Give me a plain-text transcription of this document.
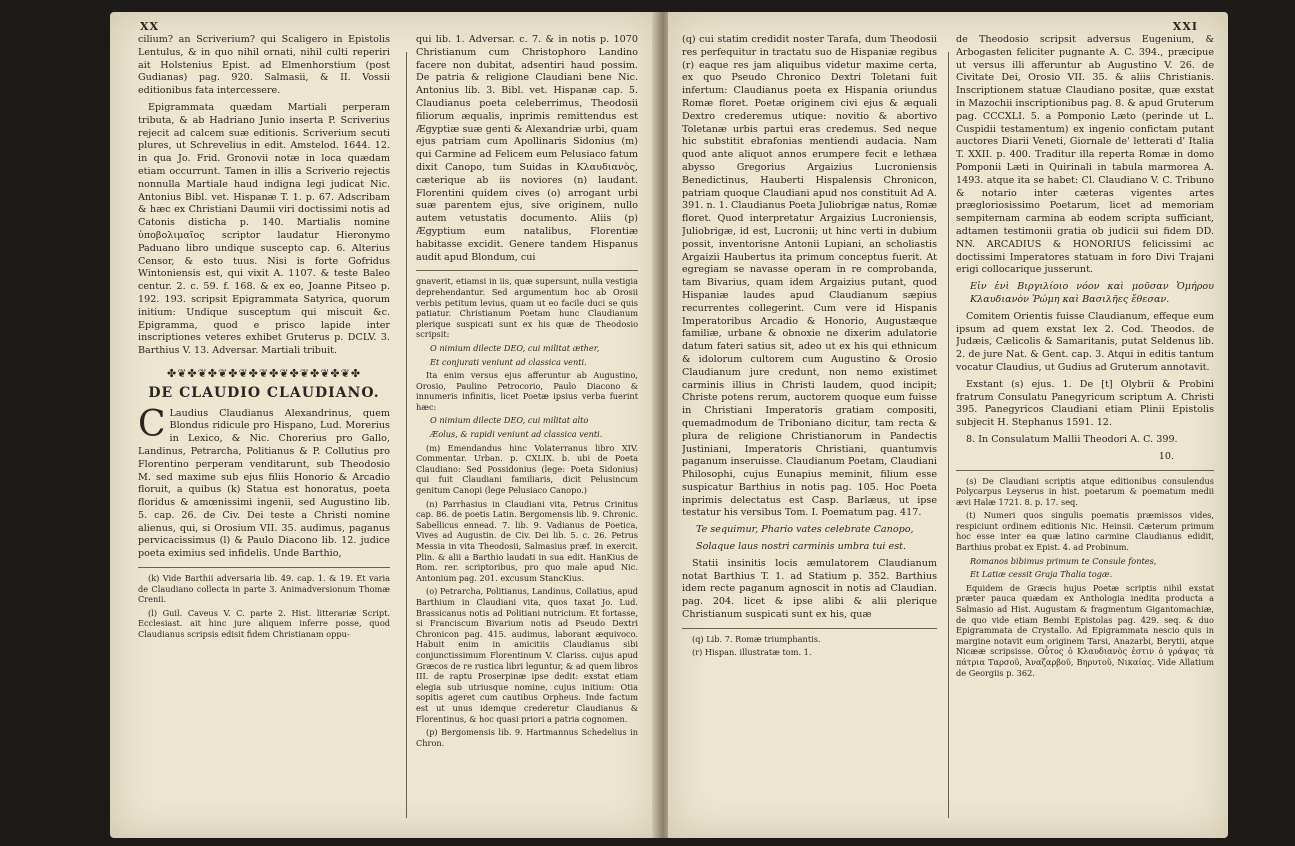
XX

cilium? an Scriverium? qui Scaligero in Epistolis Lentulus, & in quo nihil ornati, nihil culti reperiri ait Holstenius Epist. ad Elmenhorstium (post Gudianas) pag. 920. Salmasii, & II. Vossii editionibus fata intercessere.

Epigrammata quædam Martiali perperam tributa, & ab Hadriano Junio inserta P. Scriverius rejecit ad calcem suæ editionis. Scriverium secuti plures, ut Schrevelius in edit. Amstelod. 1644. 12. in qua Jo. Frid. Gronovii notæ in loca quædam etiam occurrunt. Tamen in illis a Scriverio rejectis nonnulla Martiale haud indigna legi judicat Nic. Antonius Bibl. vet. Hispanæ T. 1. p. 67. Adscribam & hæc ex Christiani Daumii viri doctissimi notis ad Catonis disticha p. 140. Martialis nomine ὑποβολιμαῖος scriptor laudatur Hieronymo Paduano libro undique suscepto cap. 6. Alterius Censor, & esto tuus. Nisi is forte Gofridus Wintoniensis est, qui vixit A. 1107. & teste Baleo centur. 2. c. 59. f. 168. & ex eo, Joanne Pitseo p. 192. 193. scripsit Epigrammata Satyrica, quorum initium: Undique susceptum qui miscuit &c. Epigramma, quod e prisco lapide inter inscriptiones veteres exhibet Gruterus p. DCLV. 3. Barthius V. 13. Adversar. Martiali tribuit.

✤❦✤❦✤❦✤❦✤❦✤❦✤❦✤❦✤❦✤
DE CLAUDIO CLAUDIANO.

C Laudius Claudianus Alexandrinus, quem Blondus ridicule pro Hispano, Lud. Morerius in Lexico, & Nic. Chorerius pro Gallo, Landinus, Petrarcha, Politianus & P. Collutius pro Florentino perperam venditarunt, sub Theodosio M. sed maxime sub ejus filiis Honorio & Arcadio floruit, a quibus (k) Statua est honoratus, poeta floridus & amœnissimi ingenii, sed Augustino lib. 5. cap. 26. de Civ. Dei teste a Christi nomine alienus, qui, si Orosium VII. 35. audimus, paganus pervicacissimus (l) & Paulo Diacono lib. 12. judice poeta eximius sed infidelis. Unde Barthio,

(k) Vide Barthii adversaria lib. 49. cap. 1. & 19. Et varia de Claudiano collecta in parte 3. Animadversionum Thomæ Crenii.

(l) Guil. Caveus V. C. parte 2. Hist. litterariæ Script. Ecclesiast. ait hinc jure aliquem inferre posse, quod Claudianus scripsis edisit fidem Christianam oppu-

qui lib. 1. Adversar. c. 7. & in notis p. 1070 Christianum cum Christophoro Landino facere non dubitat, adsentiri haud possim. De patria & religione Claudiani bene Nic. Antonius lib. 3. Bibl. vet. Hispanæ cap. 5. Claudianus poeta celeberrimus, Theodosii filiorum æqualis, inprimis remittendus est Ægyptiæ suæ genti & Alexandriæ urbi, quam ejus patriam cum Apollinaris Sidonius (m) qui Carmine ad Felicem eum Pelusiaco fatum dixit Canopo, tum Suidas in Κλαυδιανὸς, cæterique ab iis noviores (n) laudant. Florentini quidem cives (o) arrogant urbi suæ parentem ejus, sive originem, nullo autem vetustatis documento. Aliis (p) Ægyptium eum natalibus, Florentiæ habitasse excidit. Genere tandem Hispanus audit apud Blondum, cui

gnaverit, etiamsi in iis, quæ supersunt, nulla vestigia deprehendantur. Sed argumentum hoc ab Orosii verbis petitum levius, quam ut eo facile duci se quis patiatur. Christianum Poetam hunc Claudianum plerique suspicati sunt ex his quæ de Theodosio scripsit:

O nimium dilecte DEO, cui militat æther,

Et conjurati veniunt ad classica venti.

Ita enim versus ejus afferuntur ab Augustino, Orosio, Paulino Petrocorio, Paulo Diacono & innumeris infinitis, licet Poetæ ipsius verba fuerint hæc:

O nimium dilecte DEO, cui militat alto

Æolus, & rapidi veniunt ad classica venti.

(m) Emendandus hinc Volaterranus libro XIV. Commentar. Urban. p. CXLIX. b. ubi de Poeta Claudiano: Sed Possidonius (lege: Poeta Sidonius) qui fuit Claudiani familiaris, dicit Pelusincum genitum Canopi (lege Pelusiaco Canopo.)

(n) Parrhasius in Claudiani vita, Petrus Crinitus cap. 86. de poetis Latin. Bergomensis lib. 9. Chronic. Sabellicus ennead. 7. lib. 9. Vadianus de Poetica, Vives ad Augustin. de Civ. Dei lib. 5. c. 26. Petrus Messia in vita Theodosii, Salmasius præf. in exercit. Plin. & alii a Barthio laudati in sua edit. HanKius de Rom. rer. scriptoribus, pro quo male apud Nic. Antonium pag. 201. excusum StancKius.

(o) Petrarcha, Politianus, Landinus, Collatius, apud Barthium in Claudiani vita, quos taxat Jo. Lud. Brassicanus notis ad Politiani nutricium. Et fortasse, si Franciscum Bivarium notis ad Pseudo Dextri Chronicon pag. 415. audimus, laborant æquivoco. Habuit enim in amicitiis Claudianus sibi conjunctissimum Florentinum V. Clariss. cujus apud Græcos de re rustica libri leguntur, & ad quem libros III. de raptu Proserpinæ ipse dedit: exstat etiam elegia sub utriusque nomine, cujus initium: Otia sopitis ageret cum cautibus Orpheus. Inde factum est ut unus idemque crederetur Claudianus & Florentinus, & hoc quasi priori a patria cognomen.

(p) Bergomensis lib. 9. Hartmannus Schedelius in Chron.

XXI

(q) cui statim credidit noster Tarafa, dum Theodosii res perfequitur in tractatu suo de Hispaniæ regibus (r) eaque res jam aliquibus videtur maxime certa, ex quo Pseudo Chronico Dextri Toletani fuit infertum: Claudianus poeta ex Hispania oriundus Romæ floret. Poetæ originem civi ejus & æquali Dextro crederemus utique: novitio & abortivo Toletanæ urbis partui eras credemus. Sed neque hic substitit ebrafonias mentiendi audacia. Nam quod ante aliquot annos erumpere fecit e lethæa abysso Gregorius Argaizius Lucroniensis Benedictinus, Hauberti Hispalensis Chronicon, patriam quoque Claudiani apud nos constituit Ad A. 391. n. 1. Claudianus Poeta Juliobrigæ natus, Romæ floret. Quod interpretatur Argaizius Lucroniensis, Juliobrigæ, id est, Lucronii; ut hinc verti in dubium possit, inventorisne Antonii Lupiani, an scholiastis Argaizii Haubertus ita primum conceptus fuerit. At egregiam se navasse operam in re comprobanda, tam Bivarius, quam idem Argaizius putant, quod Hispaniæ laudes apud Claudianum sæpius recurrentes collegerint. Cum vere id Hispanis Imperatoribus Arcadio & Honorio, Augustæque familiæ, urbane & obnoxie ne dixerim adulatorie datum fateri satius sit, adeo ut ex his qui ethnicum & idolorum cultorem cum Augustino & Orosio Claudianum jure credunt, non nemo existimet carminis illius in Christi laudem, quod incipit; Christe potens rerum, auctorem quoque eum fuisse in Christiani Imperatoris gratiam compositi, quemadmodum de Triboniano dicitur, tam recta & plura de religione Christianorum in Pandectis Justiniani, Imperatoris Christiani, quantumvis paganum inseruisse. Claudianum Poetam, Claudiani Philosophi, cujus Eunapius meminit, filium esse suspicatur Barthius in notis pag. 105. Hoc Poeta inprimis delectatus est Casp. Barlæus, ut ipse testatur his versibus Tom. I. Poematum pag. 417.

Te sequimur, Phario vates celebrate Canopo,

Solaque laus nostri carminis umbra tui est.

Statii insinitis locis æmulatorem Claudianum notat Barthius T. 1. ad Statium p. 352. Barthius idem recte paganum agnoscit in notis ad Claudian. pag. 204. licet & ipse alibi & alii plerique Christianum suspicati sunt ex his, quæ

(q) Lib. 7. Romæ triumphantis.

(r) Hispan. illustratæ tom. 1.

de Theodosio scripsit adversus Eugenium, & Arbogasten feliciter pugnante A. C. 394., præcipue ut versus illi afferuntur ab Augustino V. 26. de Civitate Dei, Orosio VII. 35. & aliis Christianis. Inscriptionem statuæ Claudiano positæ, quæ exstat in Mazochii inscriptionibus pag. 8. & apud Gruterum pag. CCCXLI. 5. a Pomponio Læto (perinde ut L. Cuspidii testamentum) ex ingenio confictam putant auctores Diarii Veneti, Giornale de' letterati d' Italia T. XXII. p. 400. Traditur illa reperta Romæ in domo Pomponii Læti in Quirinali in tabula marmorea A. 1493. atque ita se habet: Cl. Claudiano V. C. Tribuno & notario inter cæteras vigentes artes prægloriosissimo Poetarum, licet ad memoriam sempiternam carmina ab eodem scripta sufficiant, adtamen testimonii gratia ob judicii sui fidem DD. NN. ARCADIUS & HONORIUS felicissimi ac doctissimi Imperatores statuam in foro Divi Trajani erigi collocarique jusserunt.

Εἰν ἑνὶ Βιργιλίοιο νόον καὶ μοῦσαν Ὁμήρου Κλαυδιανὸν Ῥώμη καὶ Βασιλῆες ἔθεσαν.

Comitem Orientis fuisse Claudianum, effeque eum ipsum ad quem exstat lex 2. Cod. Theodos. de Judæis, Cælicolis & Samaritanis, putat Seldenus lib. 2. de jure Nat. & Gent. cap. 3. Atqui in editis tantum vocatur Claudius, ut Gudius ad Gruterum annotavit.

Exstant (s) ejus. 1. De [t] Olybrii & Probini fratrum Consulatu Panegyricum scriptum A. Christi 395. Panegyricos Claudiani etiam Plinii Epistolis subjecit H. Stephanus 1591. 12.

8. In Consulatum Mallii Theodori A. C. 399.

10.

(s) De Claudiani scriptis atque editionibus consulendus Polycarpus Leyserus in hist. poetarum & poematum medii ævi Halæ 1721. 8. p. 17. seq.

(t) Numeri quos singulis poematis præmissos vides, respiciunt ordinem editionis Nic. Heinsii. Cæterum primum hoc esse inter ea quæ latino carmine Claudianus edidit, Barthius probat ex Epist. 4. ad Probinum.

Romanos bibimus primum te Consule fontes,

Et Latiæ cessit Graja Thalia togæ.

Equidem de Græcis hujus Poetæ scriptis nihil exstat præter pauca quædam ex Anthologia inedita producta a Salmasio ad Hist. Augustam & fragmentum Gigantomachiæ, de quo vide etiam Bembi Epistolas pag. 429. seq. & duo Epigrammata de Crystallo. Ad Epigrammata nescio quis in margine notavit eum originem Tarsi, Anazarbi, Berytii, atque Nicææ scripsisse. Οὗτος ὁ Κλαυδιανὸς ἐστιν ὁ γράψας τὰ πάτρια Ταρσοῦ, Ἀναζαρβοῦ, Βηρυτοῦ, Νικαίας. Vide Allatium de Georgiis p. 362.
